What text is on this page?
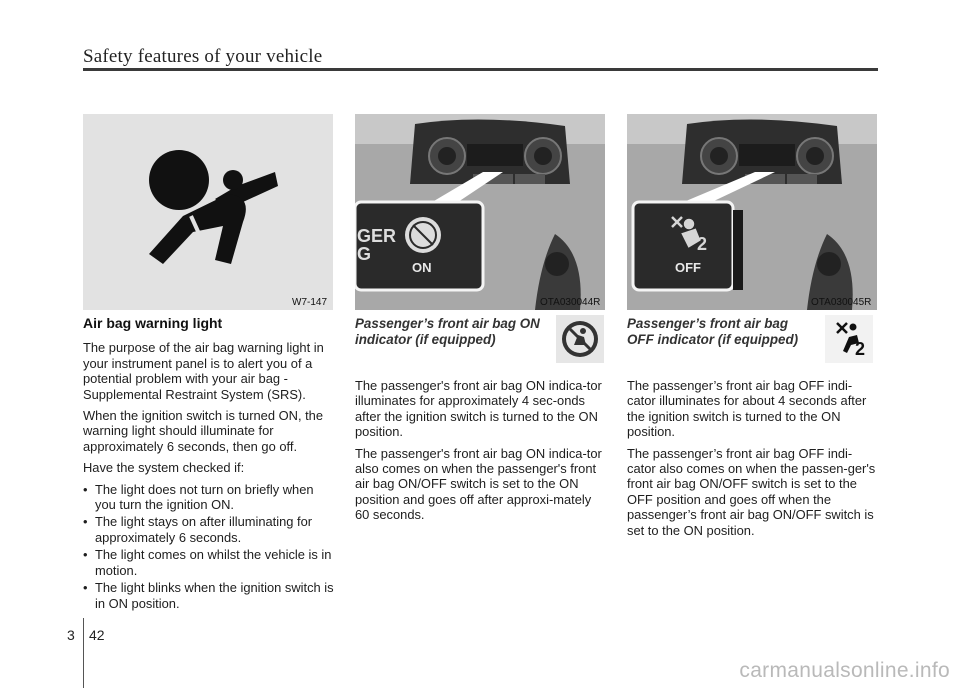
Safety features of your vehicle
W7-147
GER
G
ON
OTA030044R
2
OFF
OTA030045R
Air bag warning light

The purpose of the air bag warning light in your instrument panel is to alert you of a potential problem with your air bag - Supplemental Restraint System (SRS).

When the ignition switch is turned ON, the warning light should illuminate for approximately 6 seconds, then go off.

Have the system checked if:

• The light does not turn on briefly when you turn the ignition ON.
• The light stays on after illuminating for approximately 6 seconds.
• The light comes on whilst the vehicle is in motion.
• The light blinks when the ignition switch is in ON position.
Passenger’s front air bag ON indicator (if equipped)

The passenger's front air bag ON indica-tor illuminates for approximately 4 sec-onds after the ignition switch is turned to the ON position.

The passenger's front air bag ON indica-tor also comes on when the passenger's front air bag ON/OFF switch is set to the ON position and goes off after approxi-mately 60 seconds.

Passenger’s front air bag OFF indicator (if equipped)	2

The passenger’s front air bag OFF indi-cator illuminates for about 4 seconds after the ignition switch is turned to the ON position.

The passenger’s front air bag OFF indi-cator also comes on when the passen-ger's front air bag ON/OFF switch is set to the OFF position and goes off when the passenger’s front air bag ON/OFF switch is set to the ON position.

3 42
carmanualsonline.info
